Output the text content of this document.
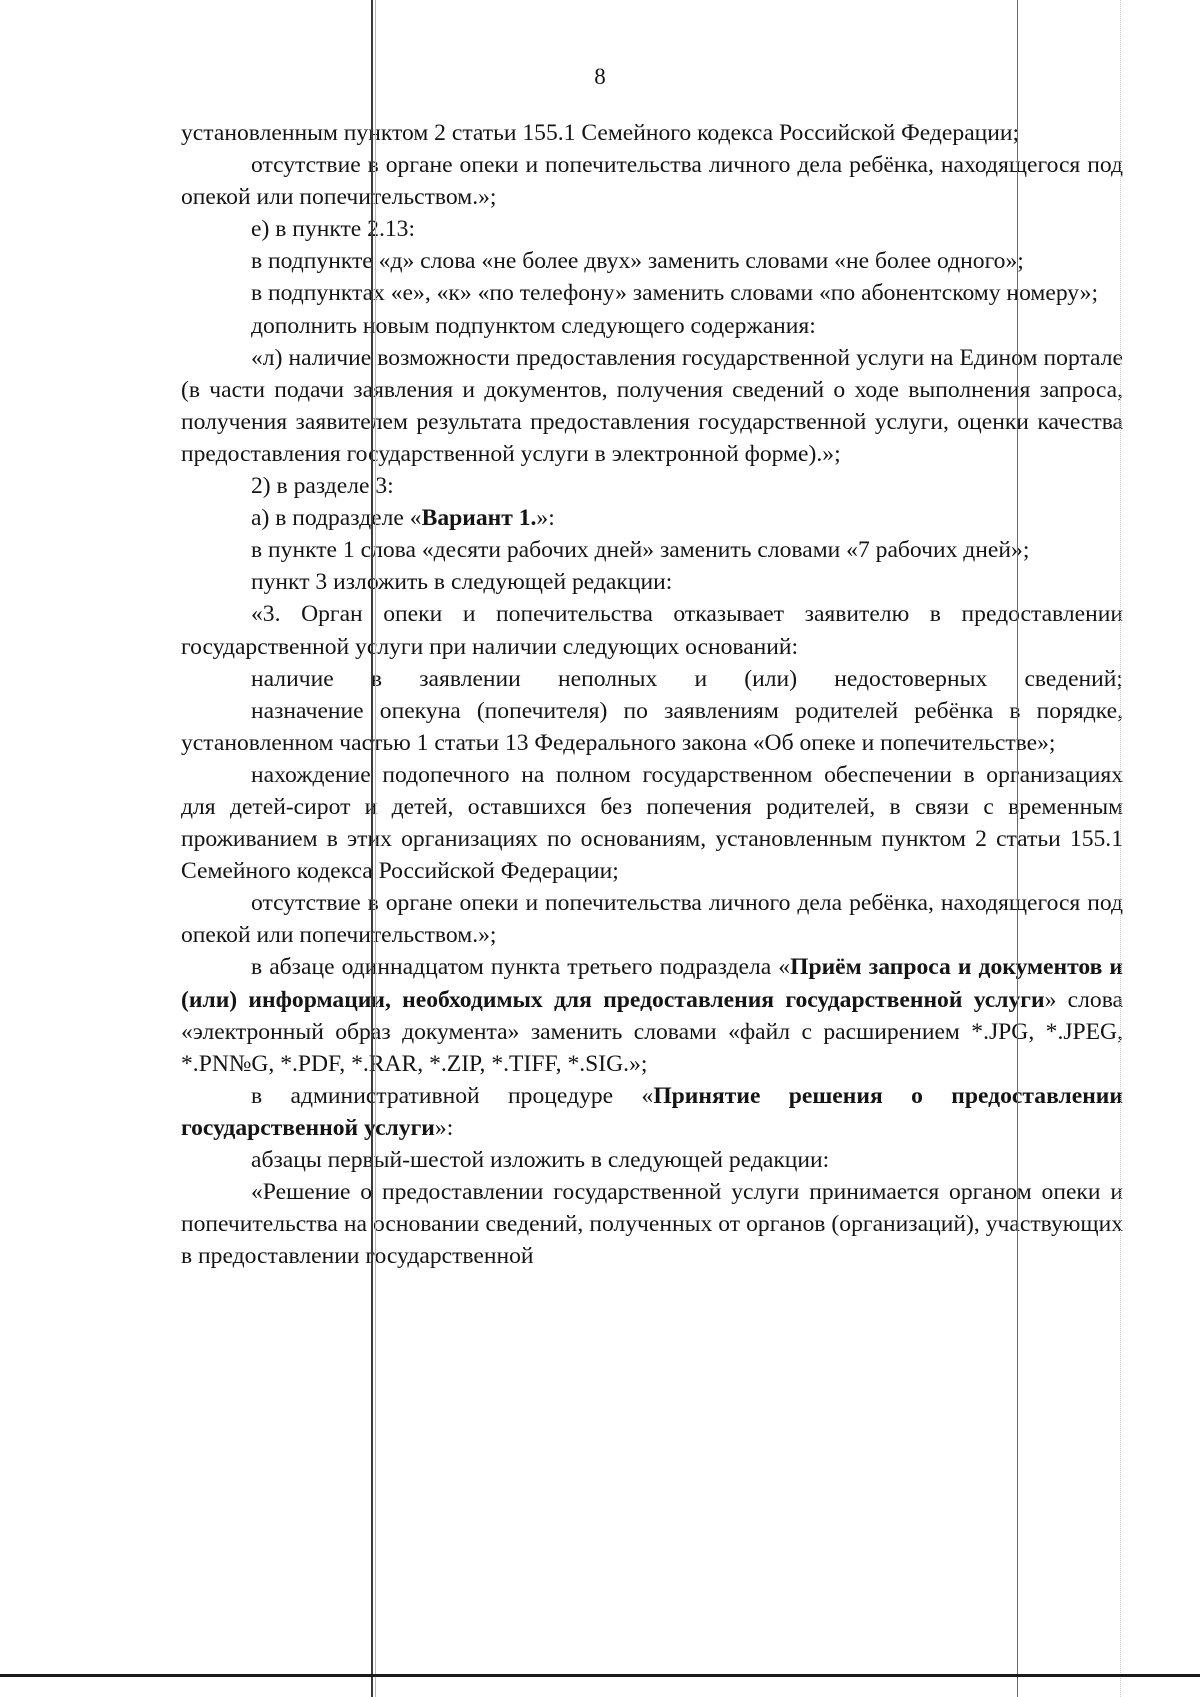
8

установленным пунктом 2 статьи 155.1 Семейного кодекса Российской Федерации;

отсутствие в органе опеки и попечительства личного дела ребёнка, находящегося под опекой или попечительством.»;

е) в пункте 2.13:

в подпункте «д» слова «не более двух» заменить словами «не более одного»;

в подпунктах «е», «к» «по телефону» заменить словами «по абонентскому номеру»;

дополнить новым подпунктом следующего содержания:

«л) наличие возможности предоставления государственной услуги на Едином портале (в части подачи заявления и документов, получения сведений о ходе выполнения запроса, получения заявителем результата предоставления государственной услуги, оценки качества предоставления государственной услуги в электронной форме).»;

2) в разделе 3:

а) в подразделе «Вариант 1.»:

в пункте 1 слова «десяти рабочих дней» заменить словами «7 рабочих дней»;

пункт 3 изложить в следующей редакции:

«3. Орган опеки и попечительства отказывает заявителю в предоставлении государственной услуги при наличии следующих оснований:

наличие в заявлении неполных и (или) недостоверных сведений;

назначение опекуна (попечителя) по заявлениям родителей ребёнка в порядке, установленном частью 1 статьи 13 Федерального закона «Об опеке и попечительстве»;

нахождение подопечного на полном государственном обеспечении в организациях для детей-сирот и детей, оставшихся без попечения родителей, в связи с временным проживанием в этих организациях по основаниям, установленным пунктом 2 статьи 155.1 Семейного кодекса Российской Федерации;

отсутствие в органе опеки и попечительства личного дела ребёнка, находящегося под опекой или попечительством.»;

в абзаце одиннадцатом пункта третьего подраздела «Приём запроса и документов и (или) информации, необходимых для предоставления государственной услуги» слова «электронный образ документа» заменить словами «файл с расширением *.JPG, *.JPEG, *.PN№G, *.PDF, *.RAR, *.ZIP, *.TIFF, *.SIG.»;

в административной процедуре «Принятие решения о предоставлении государственной услуги»:

абзацы первый-шестой изложить в следующей редакции:

«Решение о предоставлении государственной услуги принимается органом опеки и попечительства на основании сведений, полученных от органов (организаций), участвующих в предоставлении государственной
